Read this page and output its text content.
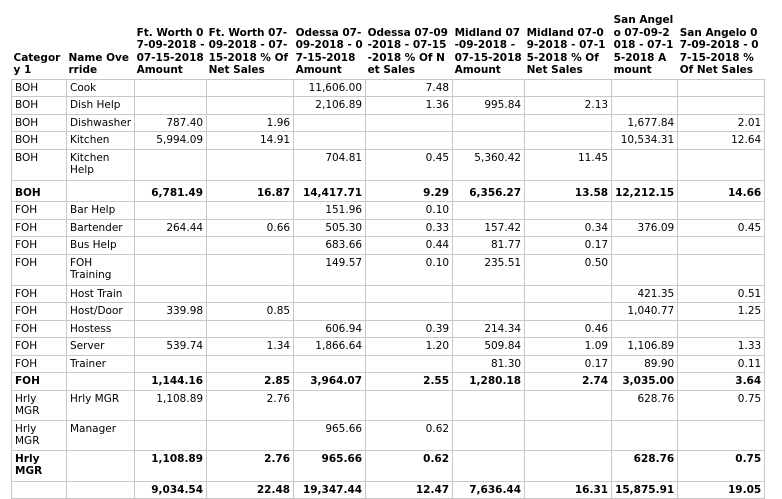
Category 1	Name Override	Ft. Worth 07-09-2018 - 07-15-2018 Amount	Ft. Worth 07-09-2018 - 07-15-2018 % Of Net Sales	Odessa 07-09-2018 - 07-15-2018 Amount	Odessa 07-09-2018 - 07-15-2018 % Of Net Sales	Midland 07-09-2018 - 07-15-2018 Amount	Midland 07-09-2018 - 07-15-2018 % Of Net Sales	San Angelo 07-09-2018 - 07-15-2018 Amount	San Angelo 07-09-2018 - 07-15-2018 % Of Net Sales
BOH	Cook			11,606.00	7.48				
BOH	Dish Help			2,106.89	1.36	995.84	2.13		
BOH	Dishwasher	787.40	1.96					1,677.84	2.01
BOH	Kitchen	5,994.09	14.91					10,534.31	12.64
BOH	Kitchen Help			704.81	0.45	5,360.42	11.45		
BOH		6,781.49	16.87	14,417.71	9.29	6,356.27	13.58	12,212.15	14.66
FOH	Bar Help			151.96	0.10				
FOH	Bartender	264.44	0.66	505.30	0.33	157.42	0.34	376.09	0.45
FOH	Bus Help			683.66	0.44	81.77	0.17		
FOH	FOH Training			149.57	0.10	235.51	0.50		
FOH	Host Train							421.35	0.51
FOH	Host/Door	339.98	0.85					1,040.77	1.25
FOH	Hostess			606.94	0.39	214.34	0.46		
FOH	Server	539.74	1.34	1,866.64	1.20	509.84	1.09	1,106.89	1.33
FOH	Trainer					81.30	0.17	89.90	0.11
FOH		1,144.16	2.85	3,964.07	2.55	1,280.18	2.74	3,035.00	3.64
Hrly MGR	Hrly MGR	1,108.89	2.76					628.76	0.75
Hrly MGR	Manager			965.66	0.62				
Hrly MGR		1,108.89	2.76	965.66	0.62			628.76	0.75
		9,034.54	22.48	19,347.44	12.47	7,636.44	16.31	15,875.91	19.05
